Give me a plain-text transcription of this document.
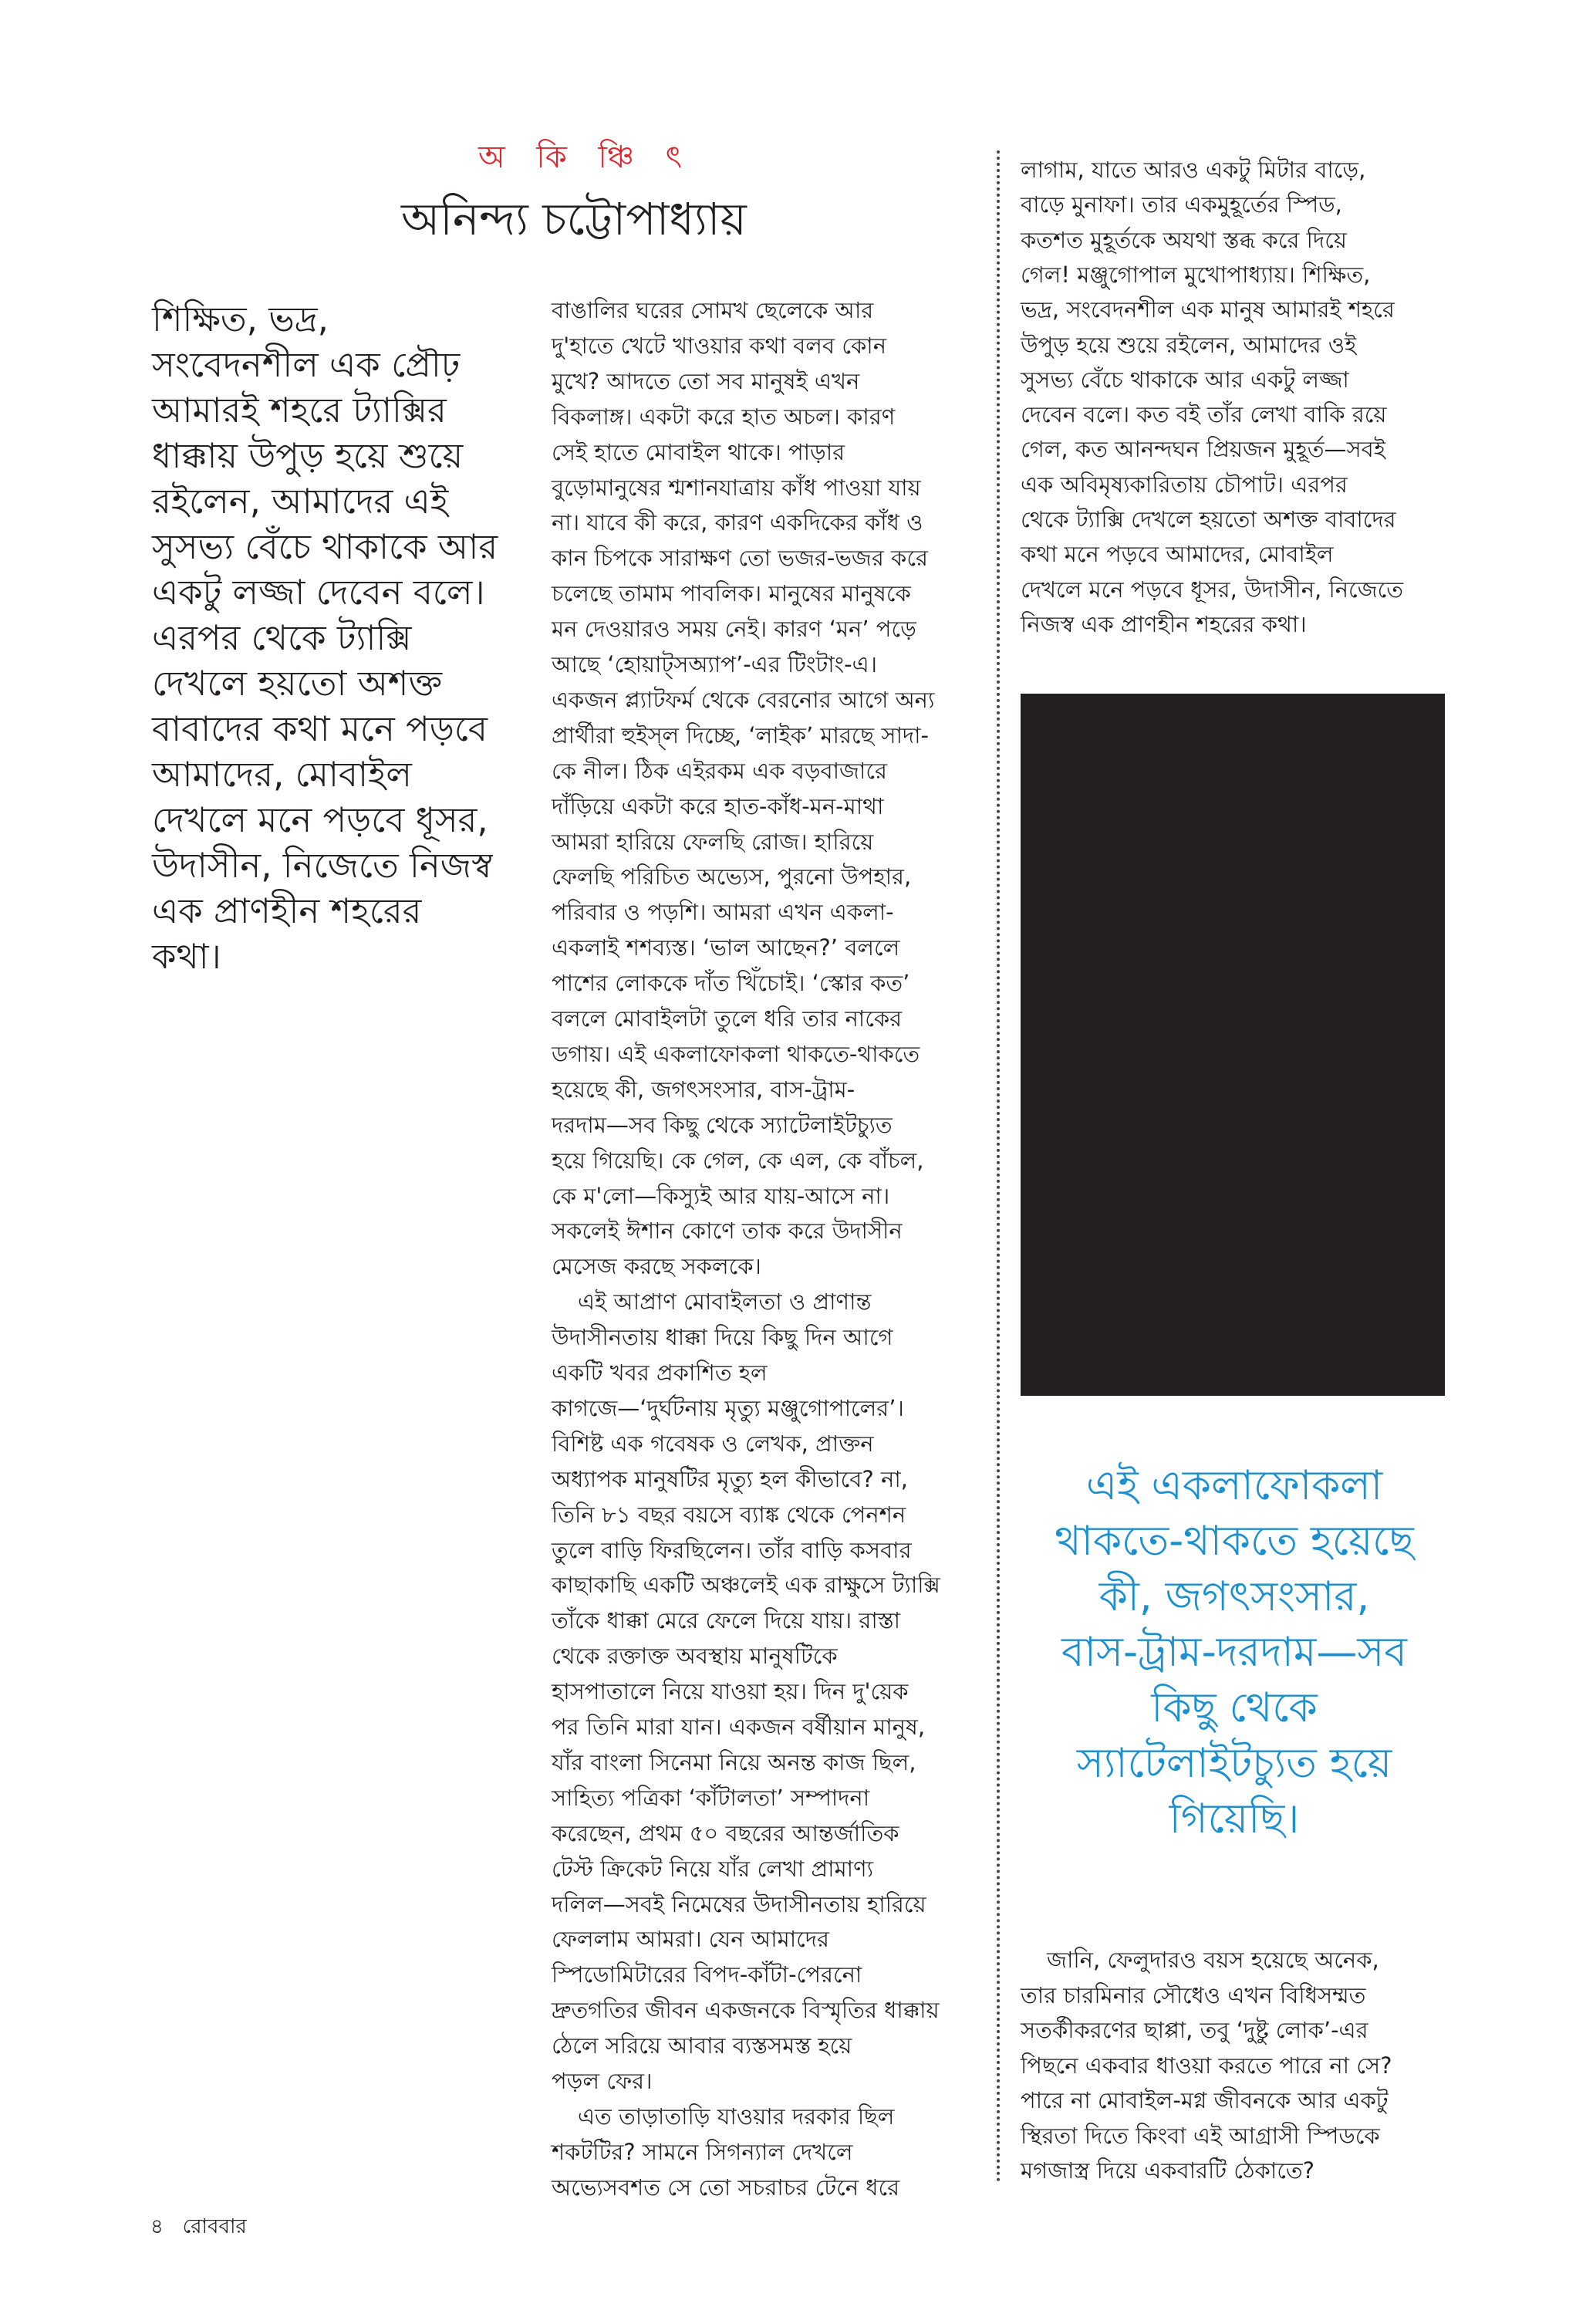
অ কি ঞ্চি ৎ
অনিন্দ্য চট্টোপাধ্যায়
শিক্ষিত, ভদ্র,
সংবেদনশীল এক প্রৌঢ়
আমারই শহরে ট্যাক্সির
ধাক্কায় উপুড় হয়ে শুয়ে
রইলেন, আমাদের এই
সুসভ্য বেঁচে থাকাকে আর
একটু লজ্জা দেবেন বলে।
এরপর থেকে ট্যাক্সি
দেখলে হয়তো অশক্ত
বাবাদের কথা মনে পড়বে
আমাদের, মোবাইল
দেখলে মনে পড়বে ধূসর,
উদাসীন, নিজেতে নিজস্ব
এক প্রাণহীন শহরের
কথা।
বাঙালির ঘরের সোমখ ছেলেকে আর
দু'হাতে খেটে খাওয়ার কথা বলব কোন
মুখে? আদতে তো সব মানুষই এখন
বিকলাঙ্গ। একটা করে হাত অচল। কারণ
সেই হাতে মোবাইল থাকে। পাড়ার
বুড়োমানুষের শ্মশানযাত্রায় কাঁধ পাওয়া যায়
না। যাবে কী করে, কারণ একদিকের কাঁধ ও
কান চিপকে সারাক্ষণ তো ভজর-ভজর করে
চলেছে তামাম পাবলিক। মানুষের মানুষকে
মন দেওয়ারও সময় নেই। কারণ ‘মন’ পড়ে
আছে ‘হোয়াট্সঅ্যাপ’-এর টিংটাং-এ।
একজন প্ল্যাটফর্ম থেকে বেরনোর আগে অন্য
প্রার্থীরা হুইস্‌ল দিচ্ছে, ‘লাইক’ মারছে সাদা-
কে নীল। ঠিক এইরকম এক বড়বাজারে
দাঁড়িয়ে একটা করে হাত-কাঁধ-মন-মাথা
আমরা হারিয়ে ফেলছি রোজ। হারিয়ে
ফেলছি পরিচিত অভ্যেস, পুরনো উপহার,
পরিবার ও পড়শি। আমরা এখন একলা-
একলাই শশব্যস্ত। ‘ভাল আছেন?’ বললে
পাশের লোককে দাঁত খিঁচোই। ‘স্কোর কত’
বললে মোবাইলটা তুলে ধরি তার নাকের
ডগায়। এই একলাফোকলা থাকতে-থাকতে
হয়েছে কী, জগৎসংসার, বাস-ট্রাম-
দরদাম—সব কিছু থেকে স্যাটেলাইটচ্যুত
হয়ে গিয়েছি। কে গেল, কে এল, কে বাঁচল,
কে ম'লো—কিস্যুই আর যায়-আসে না।
সকলেই ঈশান কোণে তাক করে উদাসীন
মেসেজ করছে সকলকে।
এই আপ্রাণ মোবাইলতা ও প্রাণান্ত
উদাসীনতায় ধাক্কা দিয়ে কিছু দিন আগে
একটি খবর প্রকাশিত হল
কাগজে—‘দুর্ঘটনায় মৃত্যু মঞ্জুগোপালের’।
বিশিষ্ট এক গবেষক ও লেখক, প্রাক্তন
অধ্যাপক মানুষটির মৃত্যু হল কীভাবে? না,
তিনি ৮১ বছর বয়সে ব্যাঙ্ক থেকে পেনশন
তুলে বাড়ি ফিরছিলেন। তাঁর বাড়ি কসবার
কাছাকাছি একটি অঞ্চলেই এক রাক্ষুসে ট্যাক্সি
তাঁকে ধাক্কা মেরে ফেলে দিয়ে যায়। রাস্তা
থেকে রক্তাক্ত অবস্থায় মানুষটিকে
হাসপাতালে নিয়ে যাওয়া হয়। দিন দু'য়েক
পর তিনি মারা যান। একজন বর্ষীয়ান মানুষ,
যাঁর বাংলা সিনেমা নিয়ে অনন্ত কাজ ছিল,
সাহিত্য পত্রিকা ‘কাঁটালতা’ সম্পাদনা
করেছেন, প্রথম ৫০ বছরের আন্তর্জাতিক
টেস্ট ক্রিকেট নিয়ে যাঁর লেখা প্রামাণ্য
দলিল—সবই নিমেষের উদাসীনতায় হারিয়ে
ফেললাম আমরা। যেন আমাদের
স্পিডোমিটারের বিপদ-কাঁটা-পেরনো
দ্রুতগতির জীবন একজনকে বিস্মৃতির ধাক্কায়
ঠেলে সরিয়ে আবার ব্যস্তসমস্ত হয়ে
পড়ল ফের।
এত তাড়াতাড়ি যাওয়ার দরকার ছিল
শকটটির? সামনে সিগন্যাল দেখলে
অভ্যেসবশত সে তো সচরাচর টেনে ধরে
লাগাম, যাতে আরও একটু মিটার বাড়ে,
বাড়ে মুনাফা। তার একমুহূর্তের স্পিড,
কতশত মুহূর্তকে অযথা স্তব্ধ করে দিয়ে
গেল! মঞ্জুগোপাল মুখোপাধ্যায়। শিক্ষিত,
ভদ্র, সংবেদনশীল এক মানুষ আমারই শহরে
উপুড় হয়ে শুয়ে রইলেন, আমাদের ওই
সুসভ্য বেঁচে থাকাকে আর একটু লজ্জা
দেবেন বলে। কত বই তাঁর লেখা বাকি রয়ে
গেল, কত আনন্দঘন প্রিয়জন মুহূর্ত—সবই
এক অবিমৃষ্যকারিতায় চৌপাট। এরপর
থেকে ট্যাক্সি দেখলে হয়তো অশক্ত বাবাদের
কথা মনে পড়বে আমাদের, মোবাইল
দেখলে মনে পড়বে ধূসর, উদাসীন, নিজেতে
নিজস্ব এক প্রাণহীন শহরের কথা।
এই একলাফোকলা
থাকতে-থাকতে হয়েছে
কী, জগৎসংসার,
বাস-ট্রাম-দরদাম—সব
কিছু থেকে
স্যাটেলাইটচ্যুত হয়ে
গিয়েছি।
জানি, ফেলুদারও বয়স হয়েছে অনেক,
তার চারমিনার সৌধেও এখন বিধিসম্মত
সতর্কীকরণের ছাপ্পা, তবু ‘দুষ্টু লোক’-এর
পিছনে একবার ধাওয়া করতে পারে না সে?
পারে না মোবাইল-মগ্ন জীবনকে আর একটু
স্থিরতা দিতে কিংবা এই আগ্রাসী স্পিডকে
মগজাস্ত্র দিয়ে একবারটি ঠেকাতে?
৪ রোববার
